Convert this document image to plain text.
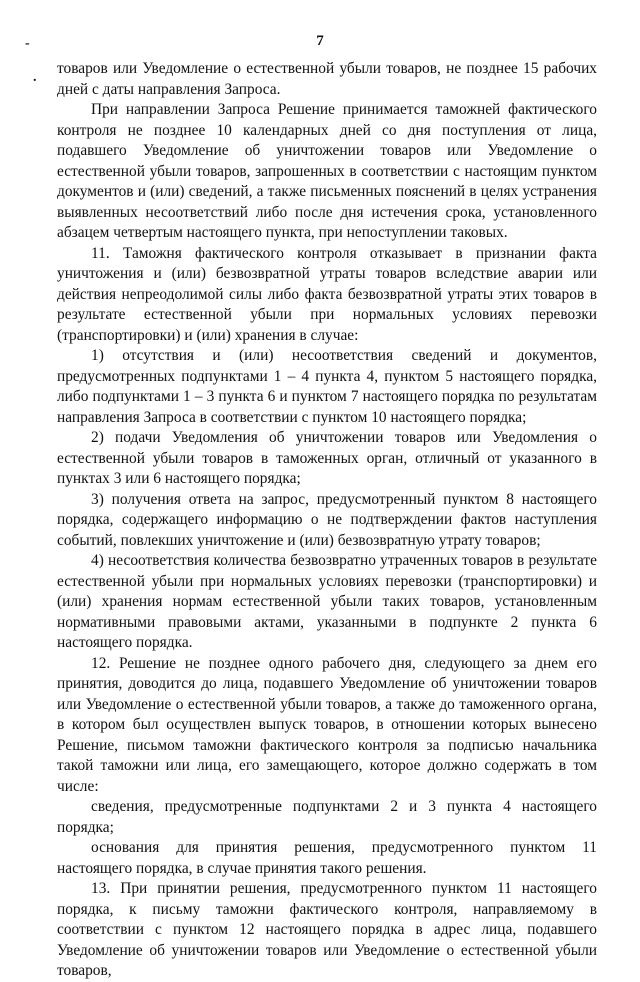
-
.
7

товаров или Уведомление о естественной убыли товаров, не позднее 15 рабочих дней с даты направления Запроса.

При направлении Запроса Решение принимается таможней фактического контроля не позднее 10 календарных дней со дня поступления от лица, подавшего Уведомление об уничтожении товаров или Уведомление о естественной убыли товаров, запрошенных в соответствии с настоящим пунктом документов и (или) сведений, а также письменных пояснений в целях устранения выявленных несоответствий либо после дня истечения срока, установленного абзацем четвертым настоящего пункта, при непоступлении таковых.

11. Таможня фактического контроля отказывает в признании факта уничтожения и (или) безвозвратной утраты товаров вследствие аварии или действия непреодолимой силы либо факта безвозвратной утраты этих товаров в результате естественной убыли при нормальных условиях перевозки (транспортировки) и (или) хранения в случае:

1) отсутствия и (или) несоответствия сведений и документов, предусмотренных подпунктами 1 – 4 пункта 4, пунктом 5 настоящего порядка, либо подпунктами 1 – 3 пункта 6 и пунктом 7 настоящего порядка по результатам направления Запроса в соответствии с пунктом 10 настоящего порядка;

2) подачи Уведомления об уничтожении товаров или Уведомления о естественной убыли товаров в таможенных орган, отличный от указанного в пунктах 3 или 6 настоящего порядка;

3) получения ответа на запрос, предусмотренный пунктом 8 настоящего порядка, содержащего информацию о не подтверждении фактов наступления событий, повлекших уничтожение и (или) безвозвратную утрату товаров;

4) несоответствия количества безвозвратно утраченных товаров в результате естественной убыли при нормальных условиях перевозки (транспортировки) и (или) хранения нормам естественной убыли таких товаров, установленным нормативными правовыми актами, указанными в подпункте 2 пункта 6 настоящего порядка.

12. Решение не позднее одного рабочего дня, следующего за днем его принятия, доводится до лица, подавшего Уведомление об уничтожении товаров или Уведомление о естественной убыли товаров, а также до таможенного органа, в котором был осуществлен выпуск товаров, в отношении которых вынесено Решение, письмом таможни фактического контроля за подписью начальника такой таможни или лица, его замещающего, которое должно содержать в том числе:

сведения, предусмотренные подпунктами 2 и 3 пункта 4 настоящего порядка;

основания для принятия решения, предусмотренного пунктом 11 настоящего порядка, в случае принятия такого решения.

13. При принятии решения, предусмотренного пунктом 11 настоящего порядка, к письму таможни фактического контроля, направляемому в соответствии с пунктом 12 настоящего порядка в адрес лица, подавшего Уведомление об уничтожении товаров или Уведомление о естественной убыли товаров,
